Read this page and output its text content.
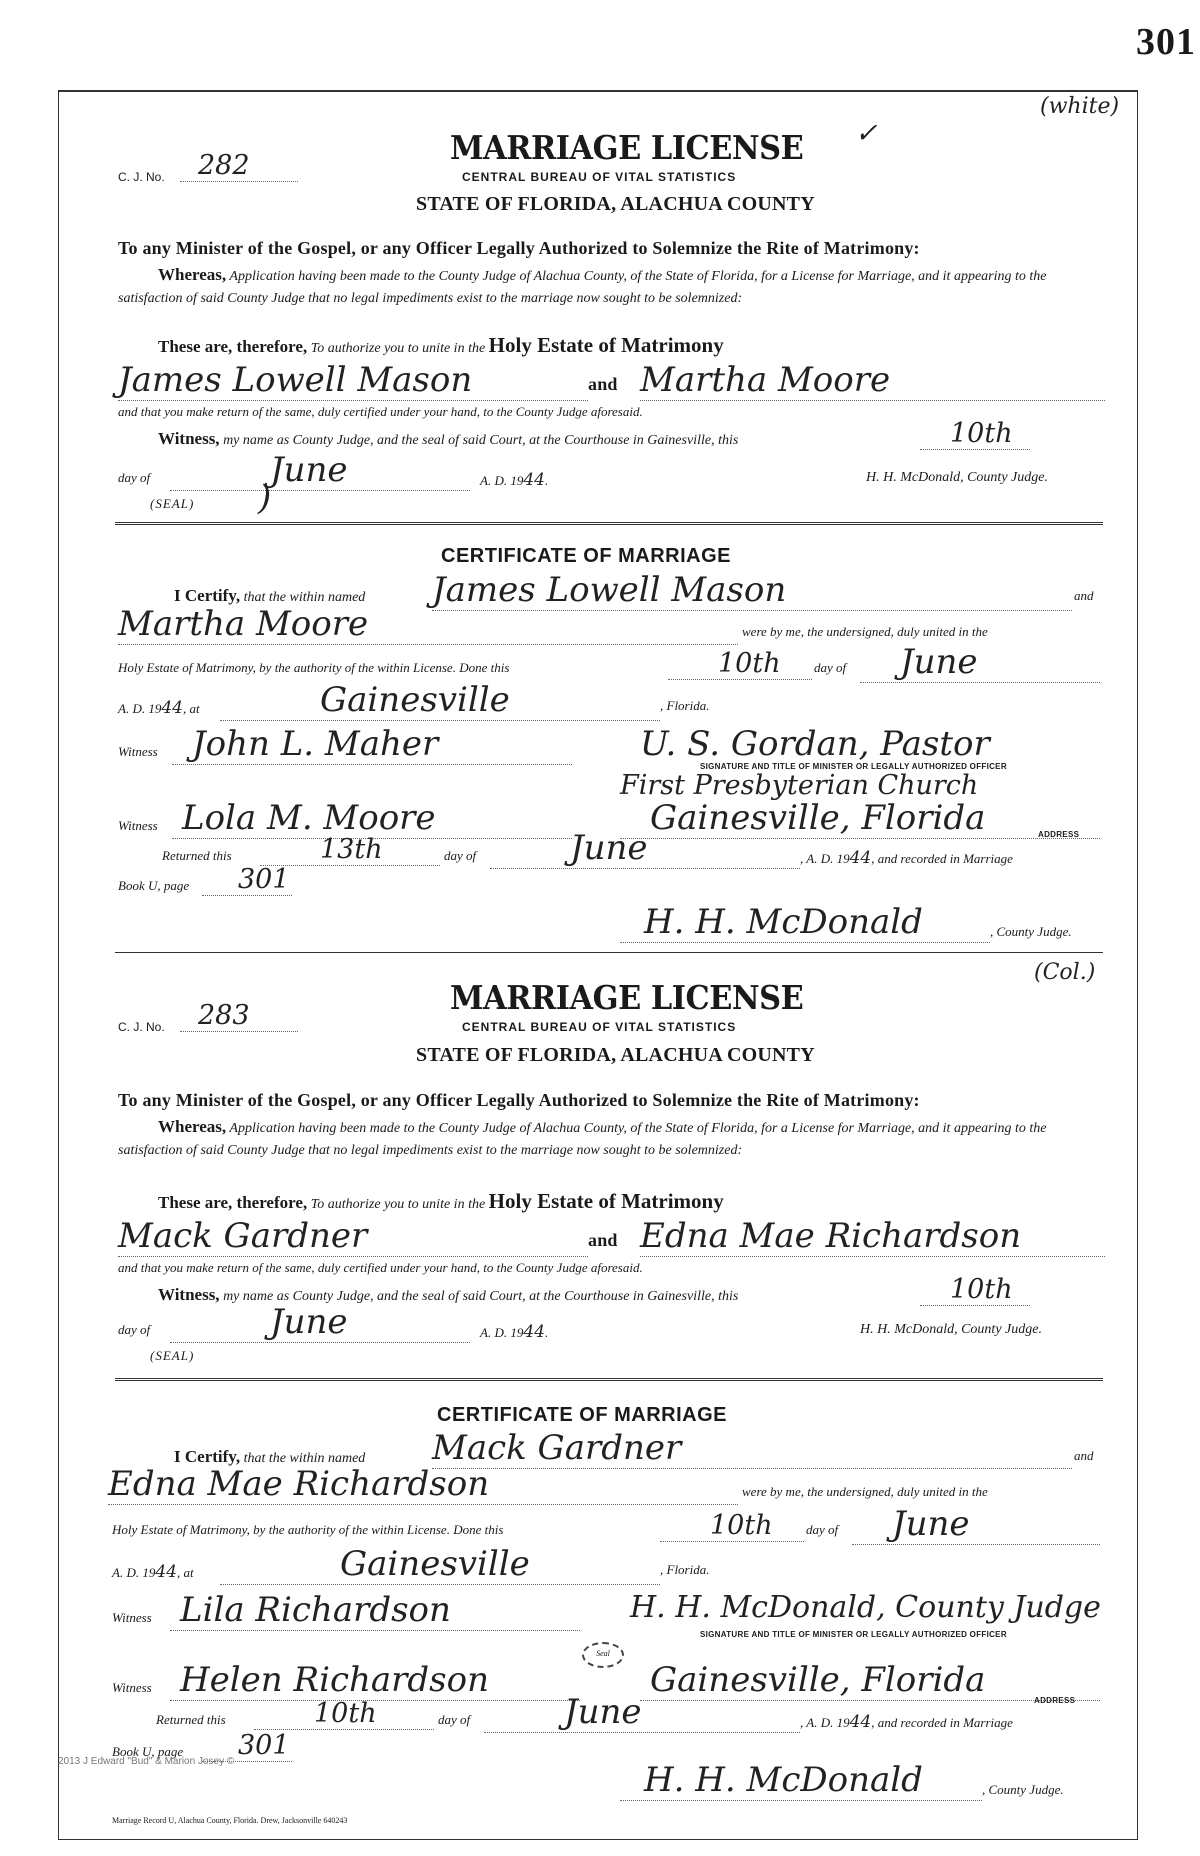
301
(white)
✓
C. J. No.	282	MARRIAGE LICENSE
CENTRAL BUREAU OF VITAL STATISTICS
STATE OF FLORIDA, ALACHUA COUNTY
To any Minister of the Gospel, or any Officer Legally Authorized to Solemnize the Rite of Matrimony:
Whereas, Application having been made to the County Judge of Alachua County, of the State of Florida, for a License for Marriage, and it appearing to the satisfaction of said County Judge that no legal impediments exist to the marriage now sought to be solemnized:
These are, therefore, To authorize you to unite in the Holy Estate of Matrimony
James Lowell Mason	and Martha Moore
and that you make return of the same, duly certified under your hand, to the County Judge aforesaid.
Witness, my name as County Judge, and the seal of said Court, at the Courthouse in Gainesville, this	10th
day of	June	A. D. 1944.	H. H. McDonald, County Judge.
(SEAL) )
CERTIFICATE OF MARRIAGE
I Certify, that the within named James Lowell Mason	and
Martha Moore	were by me, the undersigned, duly united in the
Holy Estate of Matrimony, by the authority of the within License. Done this	10th	day of	June
A. D. 1944, at	Gainesville	, Florida.
Witness	John L. Maher	U. S. Gordan, Pastor
SIGNATURE AND TITLE OF MINISTER OR LEGALLY AUTHORIZED OFFICER
First Presbyterian Church
Witness Lola M. Moore	Gainesville, Florida	ADDRESS
Returned this	13th	day of	June	, A. D. 1944, and recorded in Marriage
Book U, page	301
H. H. McDonald	, County Judge.
(Col.)
C. J. No.	283	MARRIAGE LICENSE
CENTRAL BUREAU OF VITAL STATISTICS
STATE OF FLORIDA, ALACHUA COUNTY
To any Minister of the Gospel, or any Officer Legally Authorized to Solemnize the Rite of Matrimony:
Whereas, Application having been made to the County Judge of Alachua County, of the State of Florida, for a License for Marriage, and it appearing to the satisfaction of said County Judge that no legal impediments exist to the marriage now sought to be solemnized:
These are, therefore, To authorize you to unite in the Holy Estate of Matrimony
Mack Gardner	and Edna Mae Richardson
and that you make return of the same, duly certified under your hand, to the County Judge aforesaid.
Witness, my name as County Judge, and the seal of said Court, at the Courthouse in Gainesville, this	10th
day of	June	A. D. 1944.	H. H. McDonald, County Judge.
(SEAL)
CERTIFICATE OF MARRIAGE
I Certify, that the within named Mack Gardner	and
Edna Mae Richardson	were by me, the undersigned, duly united in the
Holy Estate of Matrimony, by the authority of the within License. Done this	10th	day of	June
A. D. 1944, at	Gainesville	, Florida.
Witness Lila Richardson	H. H. McDonald, County Judge
SIGNATURE AND TITLE OF MINISTER OR LEGALLY AUTHORIZED OFFICER
Seal
Witness Helen Richardson	Gainesville, Florida
ADDRESS
Returned this	10th	day of	June	, A. D. 1944, and recorded in Marriage
Book U, page	301
2013 J Edward "Bud" & Marion Josey ©	H. H. McDonald	, County Judge.
Marriage Record U, Alachua County, Florida. Drew, Jacksonville 640243
